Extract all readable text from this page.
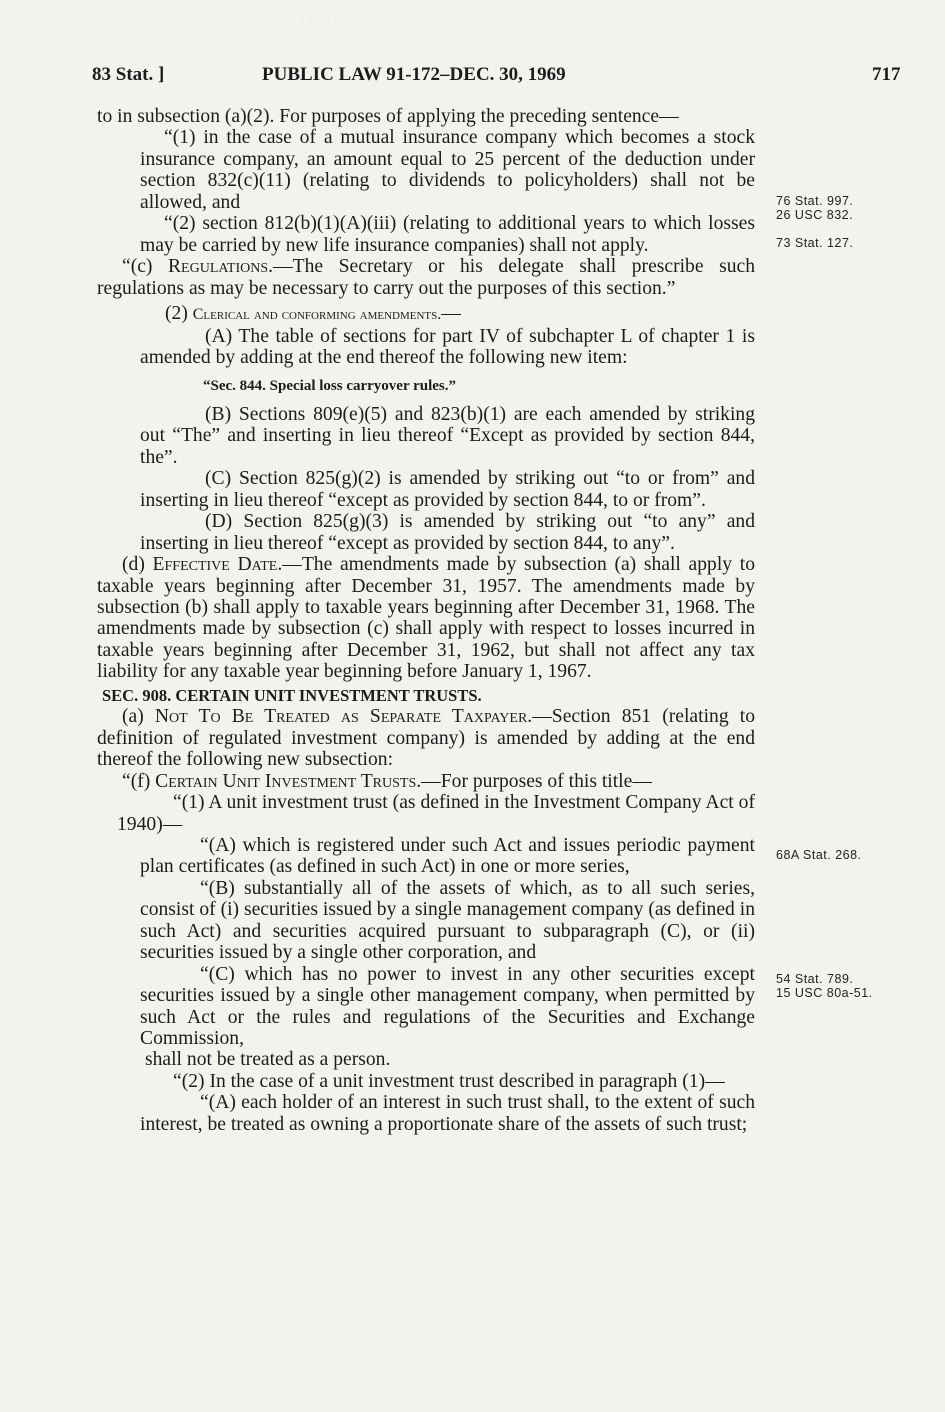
· · · · ·
83 Stat. ]	PUBLIC LAW 91-172–DEC. 30, 1969	717
76 Stat. 997.
26 USC 832.
73 Stat. 127.
68A Stat. 268.
54 Stat. 789.
15 USC 80a-51.

to in subsection (a)(2). For purposes of applying the preceding sentence—

“(1) in the case of a mutual insurance company which becomes a stock insurance company, an amount equal to 25 percent of the deduction under section 832(c)(11) (relating to dividends to policyholders) shall not be allowed, and

“(2) section 812(b)(1)(A)(iii) (relating to additional years to which losses may be carried by new life insurance companies) shall not apply.

“(c) Regulations.—The Secretary or his delegate shall prescribe such regulations as may be necessary to carry out the purposes of this section.”

(2) Clerical and conforming amendments.—

(A) The table of sections for part IV of subchapter L of chapter 1 is amended by adding at the end thereof the following new item:

“Sec. 844. Special loss carryover rules.”

(B) Sections 809(e)(5) and 823(b)(1) are each amended by striking out “The” and inserting in lieu thereof “Except as provided by section 844, the”.

(C) Section 825(g)(2) is amended by striking out “to or from” and inserting in lieu thereof “except as provided by section 844, to or from”.

(D) Section 825(g)(3) is amended by striking out “to any” and inserting in lieu thereof “except as provided by section 844, to any”.

(d) Effective Date.—The amendments made by subsection (a) shall apply to taxable years beginning after December 31, 1957. The amendments made by subsection (b) shall apply to taxable years beginning after December 31, 1968. The amendments made by subsection (c) shall apply with respect to losses incurred in taxable years beginning after December 31, 1962, but shall not affect any tax liability for any taxable year beginning before January 1, 1967.

SEC. 908. CERTAIN UNIT INVESTMENT TRUSTS.

(a) Not To Be Treated as Separate Taxpayer.—Section 851 (relating to definition of regulated investment company) is amended by adding at the end thereof the following new subsection:

“(f) Certain Unit Investment Trusts.—For purposes of this title—

“(1) A unit investment trust (as defined in the Investment Company Act of 1940)—

“(A) which is registered under such Act and issues periodic payment plan certificates (as defined in such Act) in one or more series,

“(B) substantially all of the assets of which, as to all such series, consist of (i) securities issued by a single management company (as defined in such Act) and securities acquired pursuant to subparagraph (C), or (ii) securities issued by a single other corporation, and

“(C) which has no power to invest in any other securities except securities issued by a single other management company, when permitted by such Act or the rules and regulations of the Securities and Exchange Commission,

shall not be treated as a person.

“(2) In the case of a unit investment trust described in paragraph (1)—

“(A) each holder of an interest in such trust shall, to the extent of such interest, be treated as owning a proportionate share of the assets of such trust;
